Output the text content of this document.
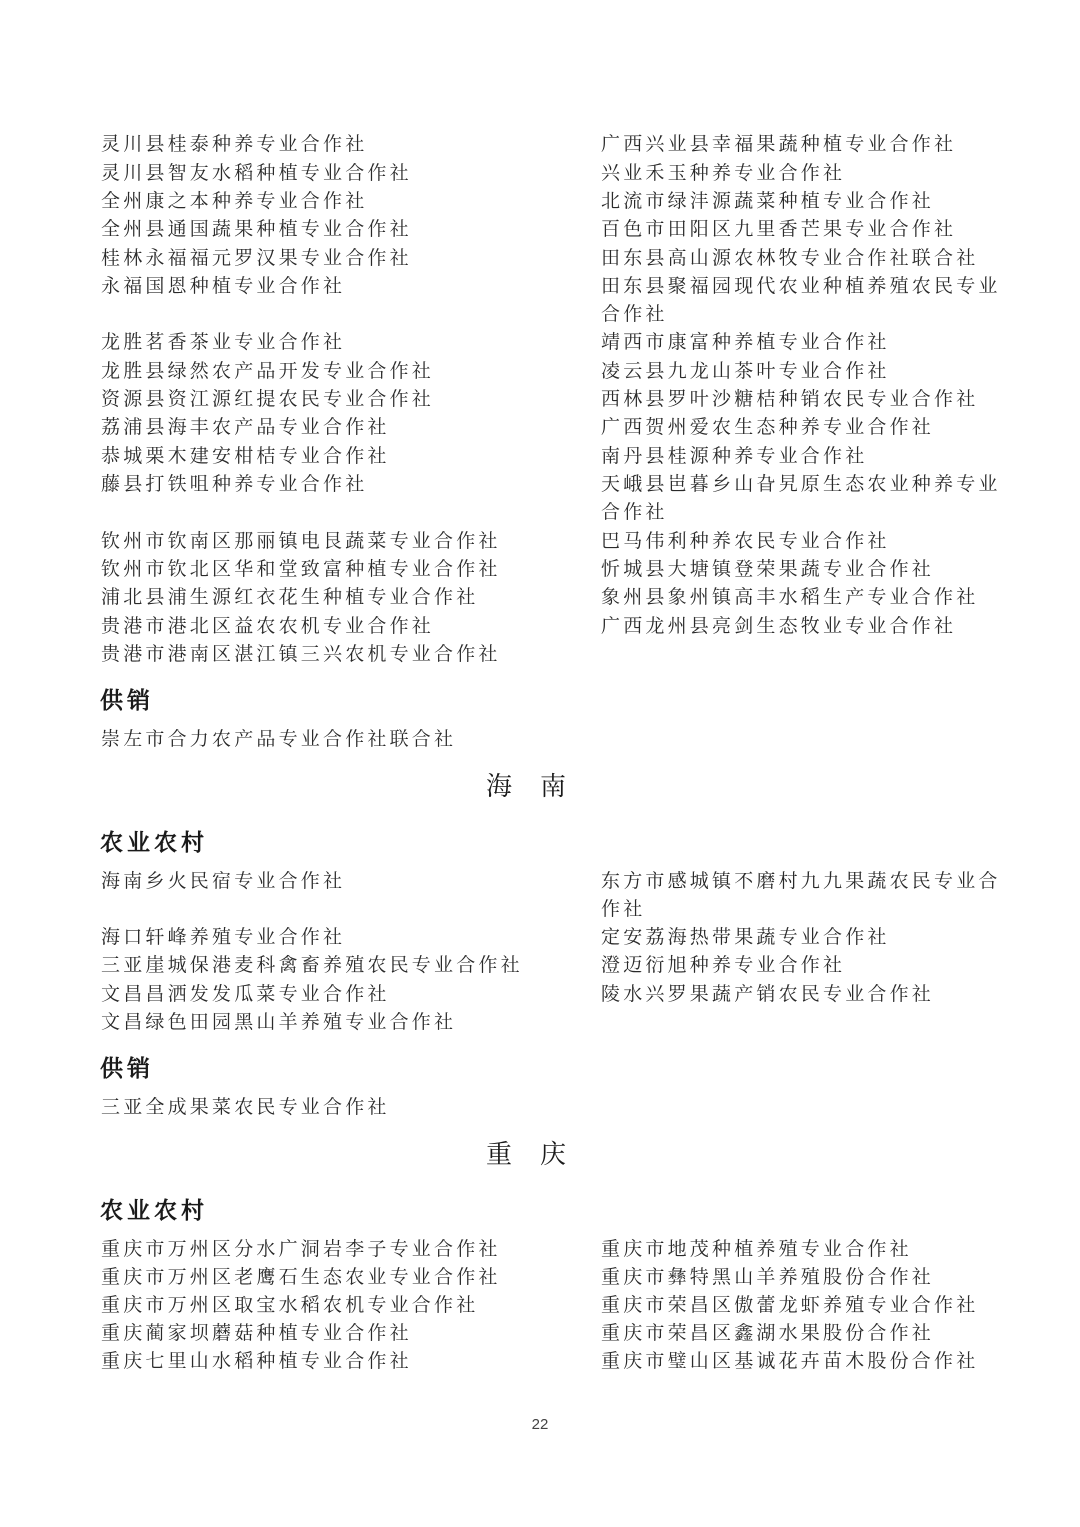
灵川县桂泰种养专业合作社
灵川县智友水稻种植专业合作社
全州康之本种养专业合作社
全州县通国蔬果种植专业合作社
桂林永福福元罗汉果专业合作社
永福国恩种植专业合作社
龙胜茗香茶业专业合作社
龙胜县绿然农产品开发专业合作社
资源县资江源红提农民专业合作社
荔浦县海丰农产品专业合作社
恭城栗木建安柑桔专业合作社
藤县打铁咀种养专业合作社
钦州市钦南区那丽镇电艮蔬菜专业合作社
钦州市钦北区华和堂致富种植专业合作社
浦北县浦生源红衣花生种植专业合作社
贵港市港北区益农农机专业合作社
贵港市港南区湛江镇三兴农机专业合作社
广西兴业县幸福果蔬种植专业合作社
兴业禾玉种养专业合作社
北流市绿沣源蔬菜种植专业合作社
百色市田阳区九里香芒果专业合作社
田东县高山源农林牧专业合作社联合社
田东县聚福园现代农业种植养殖农民专业
合作社
靖西市康富种养植专业合作社
凌云县九龙山茶叶专业合作社
西林县罗叶沙糖桔种销农民专业合作社
广西贺州爱农生态种养专业合作社
南丹县桂源种养专业合作社
天峨县岜暮乡山旮旯原生态农业种养专业
合作社
巴马伟利种养农民专业合作社
忻城县大塘镇登荣果蔬专业合作社
象州县象州镇高丰水稻生产专业合作社
广西龙州县亮剑生态牧业专业合作社
供销
崇左市合力农产品专业合作社联合社
海南
农业农村
海南乡火民宿专业合作社
海口轩峰养殖专业合作社
三亚崖城保港麦科禽畜养殖农民专业合作社
文昌昌洒发发瓜菜专业合作社
文昌绿色田园黑山羊养殖专业合作社
东方市感城镇不磨村九九果蔬农民专业合
作社
定安荔海热带果蔬专业合作社
澄迈衍旭种养专业合作社
陵水兴罗果蔬产销农民专业合作社
供销
三亚全成果菜农民专业合作社
重庆
农业农村
重庆市万州区分水广洞岩李子专业合作社
重庆市万州区老鹰石生态农业专业合作社
重庆市万州区取宝水稻农机专业合作社
重庆蔺家坝蘑菇种植专业合作社
重庆七里山水稻种植专业合作社
重庆市地茂种植养殖专业合作社
重庆市彝特黑山羊养殖股份合作社
重庆市荣昌区傲蕾龙虾养殖专业合作社
重庆市荣昌区鑫湖水果股份合作社
重庆市璧山区基诚花卉苗木股份合作社
22
